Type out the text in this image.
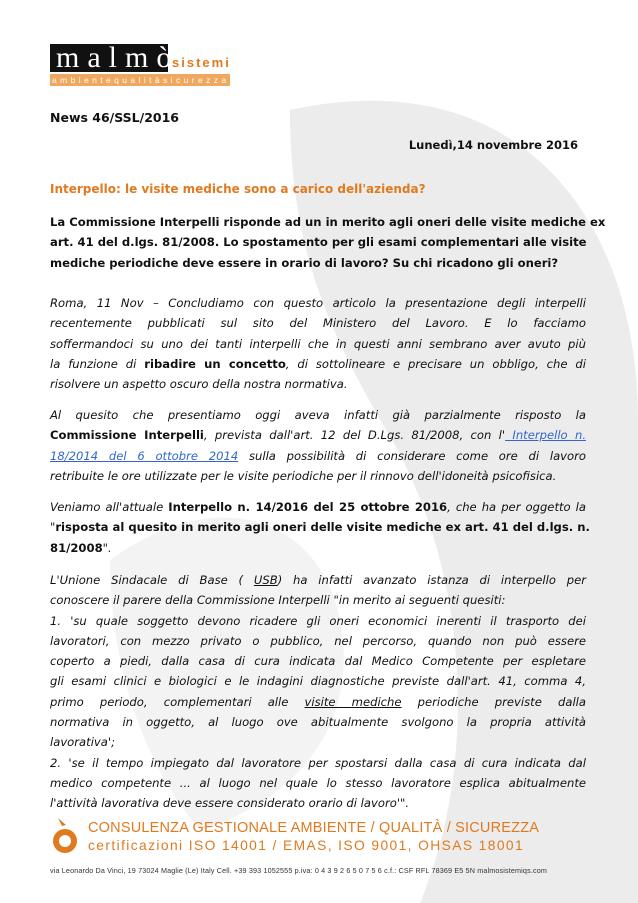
malmò
sistemi
ambientequalitàsicurezza
News 46/SSL/2016
Lunedì,14 novembre 2016
Interpello: le visite mediche sono a carico dell'azienda?
La Commissione Interpelli risponde ad un in merito agli oneri delle visite mediche ex
art. 41 del d.lgs. 81/2008. Lo spostamento per gli esami complementari alle visite
mediche periodiche deve essere in orario di lavoro? Su chi ricadono gli oneri?
Roma, 11 Nov – Concludiamo con questo articolo la presentazione degli interpelli
recentemente pubblicati sul sito del Ministero del Lavoro. E lo facciamo
soffermandoci su uno dei tanti interpelli che in questi anni sembrano aver avuto più
la funzione di ribadire un concetto, di sottolineare e precisare un obbligo, che di
risolvere un aspetto oscuro della nostra normativa.
Al quesito che presentiamo oggi aveva infatti già parzialmente risposto la
Commissione Interpelli, prevista dall'art. 12 del D.Lgs. 81/2008, con l' Interpello n.
18/2014 del 6 ottobre 2014 sulla possibilità di considerare come ore di lavoro
retribuite le ore utilizzate per le visite periodiche per il rinnovo dell'idoneità psicofisica.
Veniamo all'attuale Interpello n. 14/2016 del 25 ottobre 2016, che ha per oggetto la
"risposta al quesito in merito agli oneri delle visite mediche ex art. 41 del d.lgs. n.
81/2008".
L'Unione Sindacale di Base ( USB) ha infatti avanzato istanza di interpello per
conoscere il parere della Commissione Interpelli "in merito ai seguenti quesiti:
1. 'su quale soggetto devono ricadere gli oneri economici inerenti il trasporto dei
lavoratori, con mezzo privato o pubblico, nel percorso, quando non può essere
coperto a piedi, dalla casa di cura indicata dal Medico Competente per espletare
gli esami clinici e biologici e le indagini diagnostiche previste dall'art. 41, comma 4,
primo periodo, complementari alle visite mediche periodiche previste dalla
normativa in oggetto, al luogo ove abitualmente svolgono la propria attività
lavorativa';
2. 'se il tempo impiegato dal lavoratore per spostarsi dalla casa di cura indicata dal
medico competente ... al luogo nel quale lo stesso lavoratore esplica abitualmente
l'attività lavorativa deve essere considerato orario di lavoro'".
CONSULENZA GESTIONALE AMBIENTE / QUALITÀ / SICUREZZA
certificazioni ISO 14001 / EMAS, ISO 9001, OHSAS 18001
via Leonardo Da Vinci, 19 73024 Maglie (Le) Italy Cell. +39 393 1052555 p.iva: 0 4 3 9 2 6 5 0 7 5 6 c.f.: CSF RFL 78369 E5 5N malmosistemiqs.com
